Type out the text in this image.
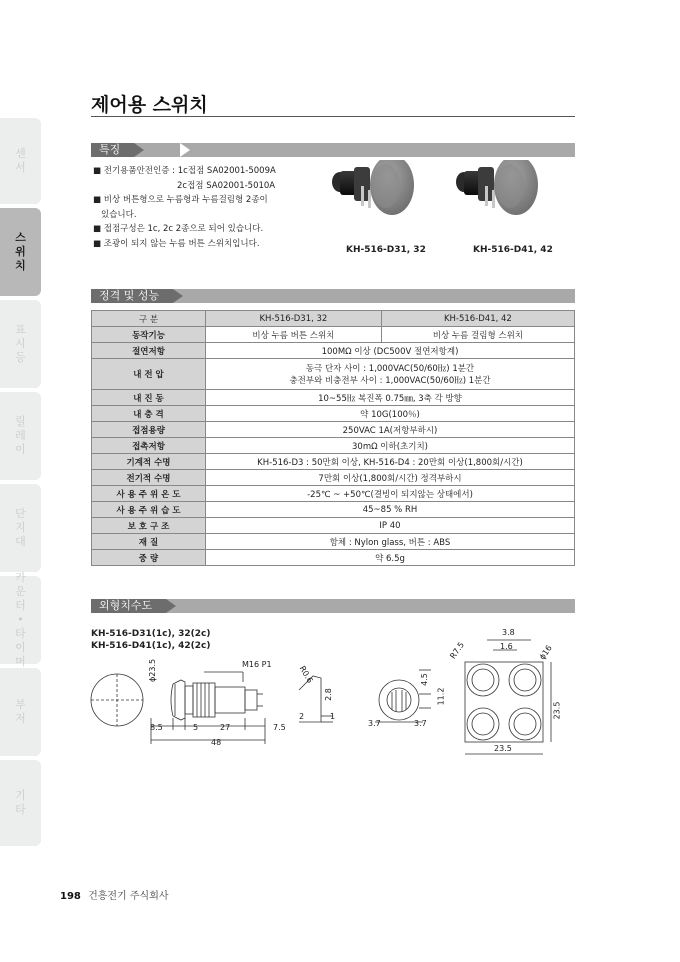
제어용 스위치
센
서
스
위
치
표
시
등
릴
레
이
단
지
대
카
운
터
•
타
이
머
부
저
기
타
특징
■ 전기용품안전인증 : 1c접점 SA02001-5009A
2c접점 SA02001-5010A
■ 비상 버튼형으로 누름형과 누름걸림형 2종이
있습니다.
■ 접점구성은 1c, 2c 2종으로 되어 있습니다.
■ 조광이 되지 않는 누름 버튼 스위치입니다.
KH-516-D31, 32	KH-516-D41, 42
정격 및 성능
구 분	KH-516-D31, 32	KH-516-D41, 42
동작기능	비상 누름 버튼 스위치	비상 누름 걸림형 스위치
절연저항	100MΩ 이상 (DC500V 절연저항계)	
내 전 압	동극 단자 사이 : 1,000VAC(50/60㎐) 1분간
충전부와 비충전부 사이 : 1,000VAC(50/60㎐) 1분간	

내 진 동	10~55㎐ 복진폭 0.75㎜, 3축 각 방향	
내 충 격	약 10G(100％)	
접점용량	250VAC 1A(저항부하시)	
접촉저항	30mΩ 이하(초기치)	
기계적 수명	KH-516-D3 : 50만회 이상, KH-516-D4 : 20만회 이상(1,800회/시간)	
전기적 수명	7만회 이상(1,800회/시간) 정격부하시	
사 용 주 위 온 도	-25℃ ~ +50℃(결빙이 되지않는 상태에서)	
사 용 주 위 습 도	45~85 % RH	
보 호 구 조	IP 40	
재 질	함체 : Nylon glass, 버튼 : ABS	
중 량	약 6.5g	
외형치수도
KH-516-D31(1c), 32(2c)
KH-516-D41(1c), 42(2c)
M16 P1
ϕ23.5
8.5	5	27	7.5
48
R0.6
2.8
2	1
3.7	3.7
4.5
11.2
3.8
1.6
R7.5	ϕ16
23.5
23.5
198 건흥전기 주식회사
